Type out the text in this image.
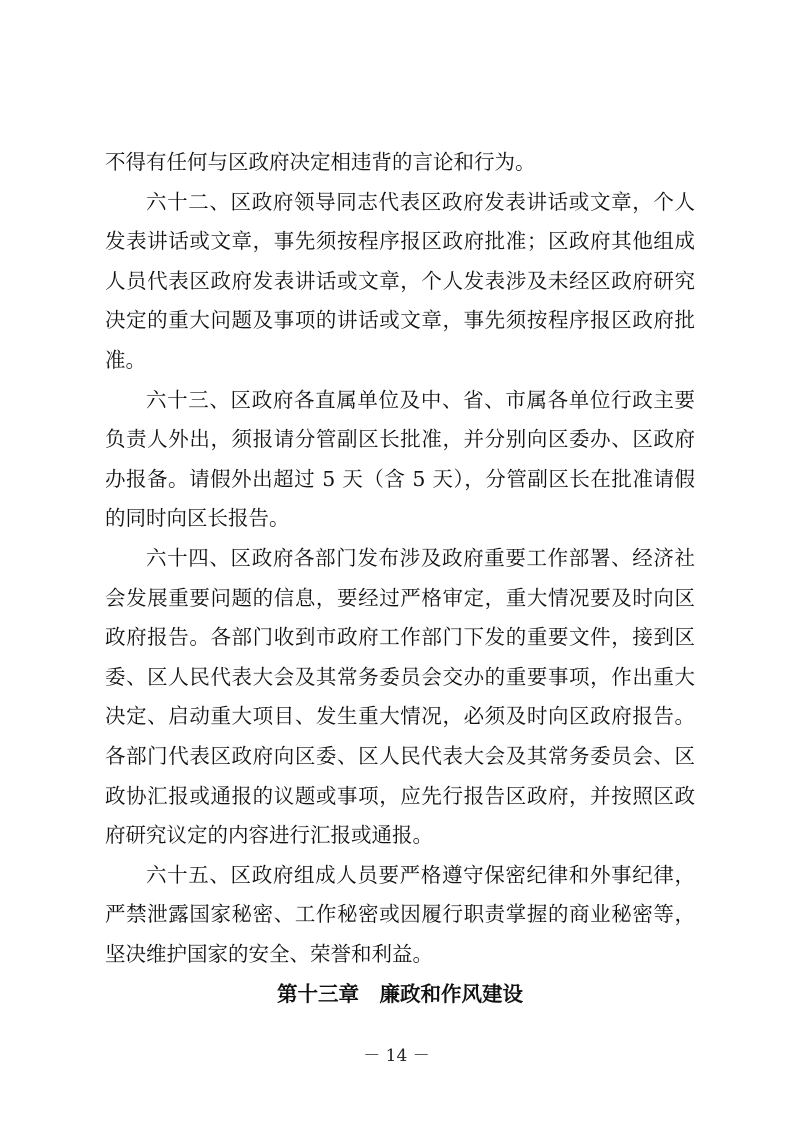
不得有任何与区政府决定相违背的言论和行为。

六十二、区政府领导同志代表区政府发表讲话或文章，个人发表讲话或文章，事先须按程序报区政府批准；区政府其他组成人员代表区政府发表讲话或文章，个人发表涉及未经区政府研究决定的重大问题及事项的讲话或文章，事先须按程序报区政府批准。

六十三、区政府各直属单位及中、省、市属各单位行政主要负责人外出，须报请分管副区长批准，并分别向区委办、区政府办报备。请假外出超过 5 天（含 5 天），分管副区长在批准请假的同时向区长报告。

六十四、区政府各部门发布涉及政府重要工作部署、经济社会发展重要问题的信息，要经过严格审定，重大情况要及时向区政府报告。各部门收到市政府工作部门下发的重要文件，接到区委、区人民代表大会及其常务委员会交办的重要事项，作出重大决定、启动重大项目、发生重大情况，必须及时向区政府报告。各部门代表区政府向区委、区人民代表大会及其常务委员会、区政协汇报或通报的议题或事项，应先行报告区政府，并按照区政府研究议定的内容进行汇报或通报。

六十五、区政府组成人员要严格遵守保密纪律和外事纪律，严禁泄露国家秘密、工作秘密或因履行职责掌握的商业秘密等，坚决维护国家的安全、荣誉和利益。

第十三章　廉政和作风建设
－ 14 －
